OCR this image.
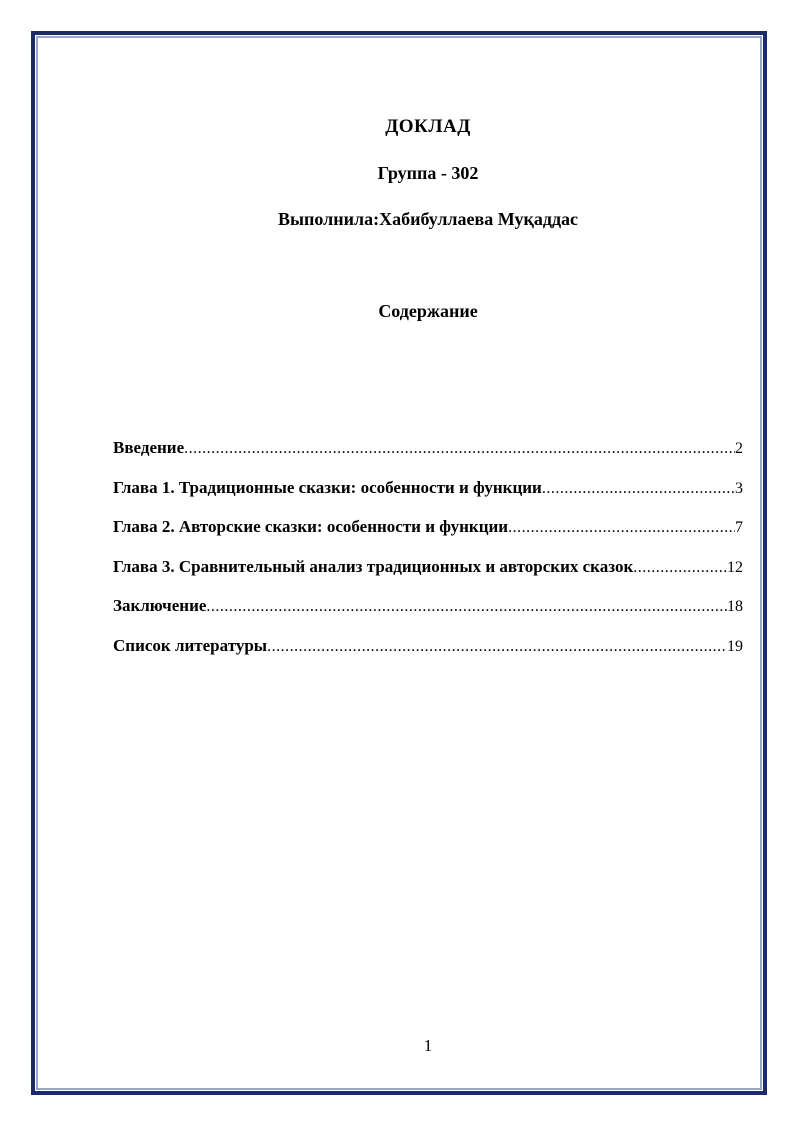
ДОКЛАД
Группа - 302
Выполнила:Хабибуллаева Муқаддас
Содержание
Введение .....	2
Глава 1. Традиционные сказки: особенности и функции .....	3
Глава 2. Авторские сказки: особенности и функции .....	7
Глава 3. Сравнительный анализ традиционных и авторских сказок .....	12
Заключение .....	18
Список литературы .....	19
1
